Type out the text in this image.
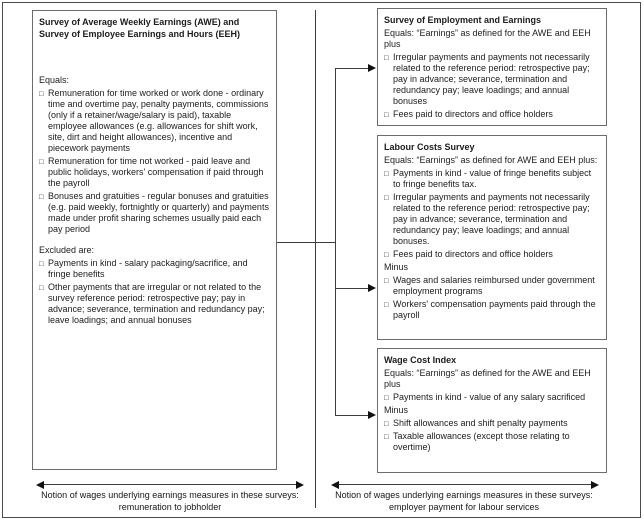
Survey of Average Weekly Earnings (AWE) and Survey of Employee Earnings and Hours (EEH)
Equals:
□ Remuneration for time worked or work done - ordinary time and overtime pay, penalty payments, commissions (only if a retainer/wage/salary is paid), taxable employee allowances (e.g. allowances for shift work, site, dirt and height allowances), incentive and piecework payments
□ Remuneration for time not worked - paid leave and public holidays, workers' compensation if paid through the payroll
□ Bonuses and gratuities - regular bonuses and gratuities (e.g. paid weekly, fortnightly or quarterly) and payments made under profit sharing schemes usually paid each pay period
Excluded are:
□ Payments in kind - salary packaging/sacrifice, and fringe benefits
□ Other payments that are irregular or not related to the survey reference period: retrospective pay; pay in advance; severance, termination and redundancy pay; leave loadings; and annual bonuses
Survey of Employment and Earnings
Equals: “Earnings” as defined for the AWE and EEH plus
□ Irregular payments and payments not necessarily related to the reference period: retrospective pay; pay in advance; severance, termination and redundancy pay; leave loadings; and annual bonuses
□ Fees paid to directors and office holders
Labour Costs Survey
Equals: “Earnings” as defined for AWE and EEH plus:
□ Payments in kind - value of fringe benefits subject to fringe benefits tax.
□ Irregular payments and payments not necessarily related to the reference period: retrospective pay; pay in advance; severance, termination and redundancy pay; leave loadings; and annual bonuses.
□ Fees paid to directors and office holders
Minus
□ Wages and salaries reimbursed under government employment programs
□ Workers' compensation payments paid through the payroll
Wage Cost Index
Equals: “Earnings” as defined for the AWE and EEH plus
□ Payments in kind - value of any salary sacrificed
Minus
□ Shift allowances and shift penalty payments
□ Taxable allowances (except those relating to overtime)
Notion of wages underlying earnings measures in these surveys:
remuneration to jobholder
Notion of wages underlying earnings measures in these surveys:
employer payment for labour services
